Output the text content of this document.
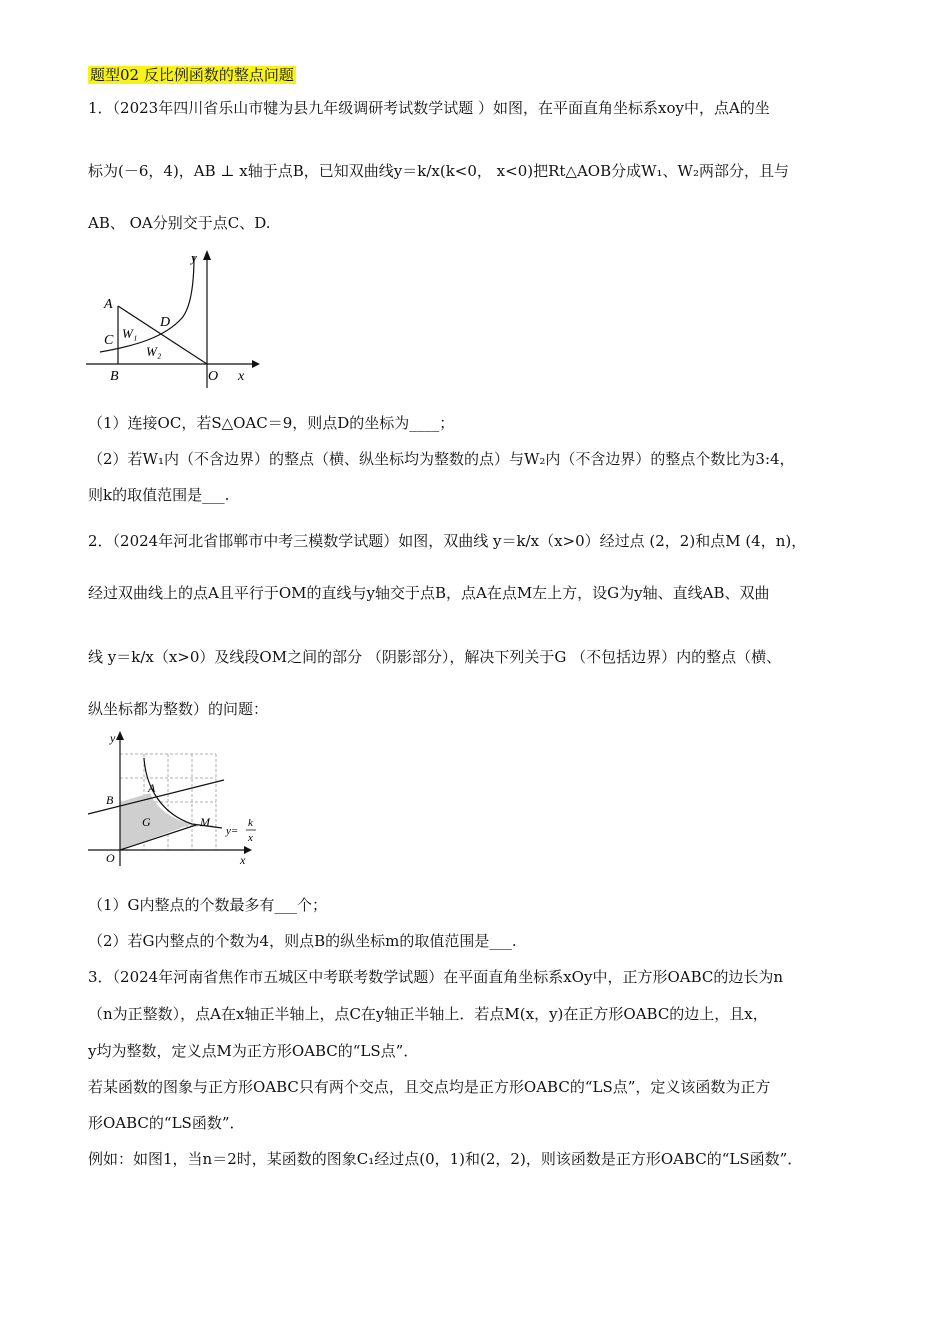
题型02 反比例函数的整点问题
1．（2023年四川省乐山市犍为县九年级调研考试数学试题 ）如图，在平面直角坐标系xoy中，点A的坐
标为(－6，4)，AB ⊥ x轴于点B，已知双曲线y＝k/x(k<0， x<0)把Rt△AOB分成W₁、W₂两部分，且与
AB、 OA分别交于点C、D.
y
A
C W₁
D
W₂
B	O x
（1）连接OC，若S△OAC＝9，则点D的坐标为____；
（2）若W₁内（不含边界）的整点（横、纵坐标均为整数的点）与W₂内（不含边界）的整点个数比为3:4，
则k的取值范围是___.
2．（2024年河北省邯郸市中考三模数学试题）如图，双曲线 y＝k/x（x>0）经过点 (2，2)和点M (4，n)，
经过双曲线上的点A且平行于OM的直线与y轴交于点B，点A在点M左上方，设G为y轴、直线AB、双曲
线 y＝k/x（x>0）及线段OM之间的部分 （阴影部分），解决下列关于G （不包括边界）内的整点（横、
纵坐标都为整数）的问题：
y
B
A
G	M
O	x
y=
k
x
（1）G内整点的个数最多有___个；
（2）若G内整点的个数为4，则点B的纵坐标m的取值范围是___.
3．（2024年河南省焦作市五城区中考联考数学试题）在平面直角坐标系xOy中，正方形OABC的边长为n
（n为正整数），点A在x轴正半轴上，点C在y轴正半轴上．若点M(x，y)在正方形OABC的边上，且x，
y均为整数，定义点M为正方形OABC的“LS点”．
若某函数的图象与正方形OABC只有两个交点，且交点均是正方形OABC的“LS点”，定义该函数为正方
形OABC的“LS函数”．
例如：如图1，当n＝2时，某函数的图象C₁经过点(0，1)和(2，2)，则该函数是正方形OABC的“LS函数”．
